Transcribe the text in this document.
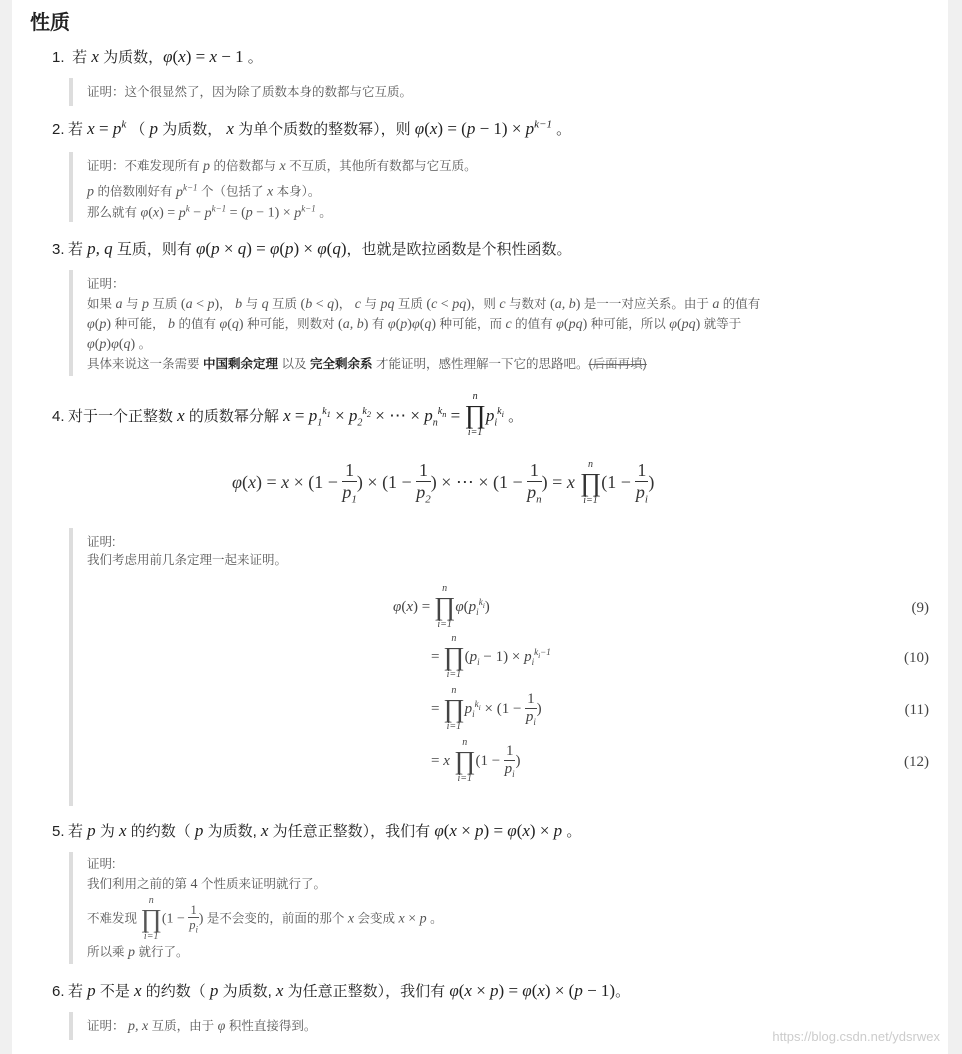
性质
1. 若 x 为质数，φ(x) = x − 1 。
证明：这个很显然了，因为除了质数本身的数都与它互质。
2. 若 $x = p^k$ （ p 为质数， x 为单个质数的整数幂），则 $\varphi(x) = (p - 1) \times p^{k-1}$ 。
证明：不难发现所有 p 的倍数都与 x 不互质，其他所有数都与它互质。
p 的倍数刚好有 $p^{k-1}$ 个（包括了 x 本身）。
那么就有 $\varphi(x) = p^k - p^{k-1} = (p - 1) \times p^{k-1}$ 。
3. 若 p, q 互质，则有 φ(p × q) = φ(p) × φ(q)，也就是欧拉函数是个积性函数。
证明：
如果 a 与 p 互质 (a < p)， b 与 q 互质 (b < q)， c 与 pq 互质 (c < pq)，则 c 与数对 (a, b) 是一一对应关系。由于 a 的值有
φ(p) 种可能， b 的值有 φ(q) 种可能，则数对 (a, b) 有 φ(p)φ(q) 种可能，而 c 的值有 φ(pq) 种可能，所以 φ(pq) 就等于
φ(p)φ(q) 。
具体来说这一条需要 中国剩余定理 以及 完全剩余系 才能证明，感性理解一下它的思路吧。(后面再填)
4. 对于一个正整数 x 的质数幂分解 $x = p_1^{k_1} \times p_2^{k_2}$ × ⋯ × $p_n^{k_n}$ =
n
∏
i=1
$p_i^{k_i}$ 。
$\varphi(x) = x \times (1 - \frac{1}{p_1}$ ) × ($1 - \frac{1}{p_2}$ ) × ⋯ × ($1 - \frac{1}{p_n}$ ) = x
n
∏
i=1
($1 - \frac{1}{p_i}$ )
证明:
我们考虑用前几条定理一起来证明。
φ(x) =
n
∏
i=1
$\varphi(p_i^{k_i})$	(9)
=
n
∏
i=1
$(p_i - 1) \times p_i^{k_i-1}$	(10)
=
n
∏
i=1
$p_i^{k_i} \times (1 - \frac{1}{p_i}$ )	(11)
= x
n
∏
i=1
($1 - \frac{1}{p_i}$ )	(12)
5. 若 p 为 x 的约数（ p 为质数, x 为任意正整数），我们有 φ(x × p) = φ(x) × p 。
证明:
我们利用之前的第 4 个性质来证明就行了。
不难发现
n
∏
i=1
($1 - \frac{1}{p_i}$ ) 是不会变的，前面的那个 x 会变成 x × p 。
所以乘 p 就行了。
6. 若 p 不是 x 的约数（ p 为质数, x 为任意正整数），我们有 φ(x × p) = φ(x) × (p − 1)。
证明： p, x 互质，由于 φ 积性直接得到。
https://blog.csdn.net/ydsrwex
